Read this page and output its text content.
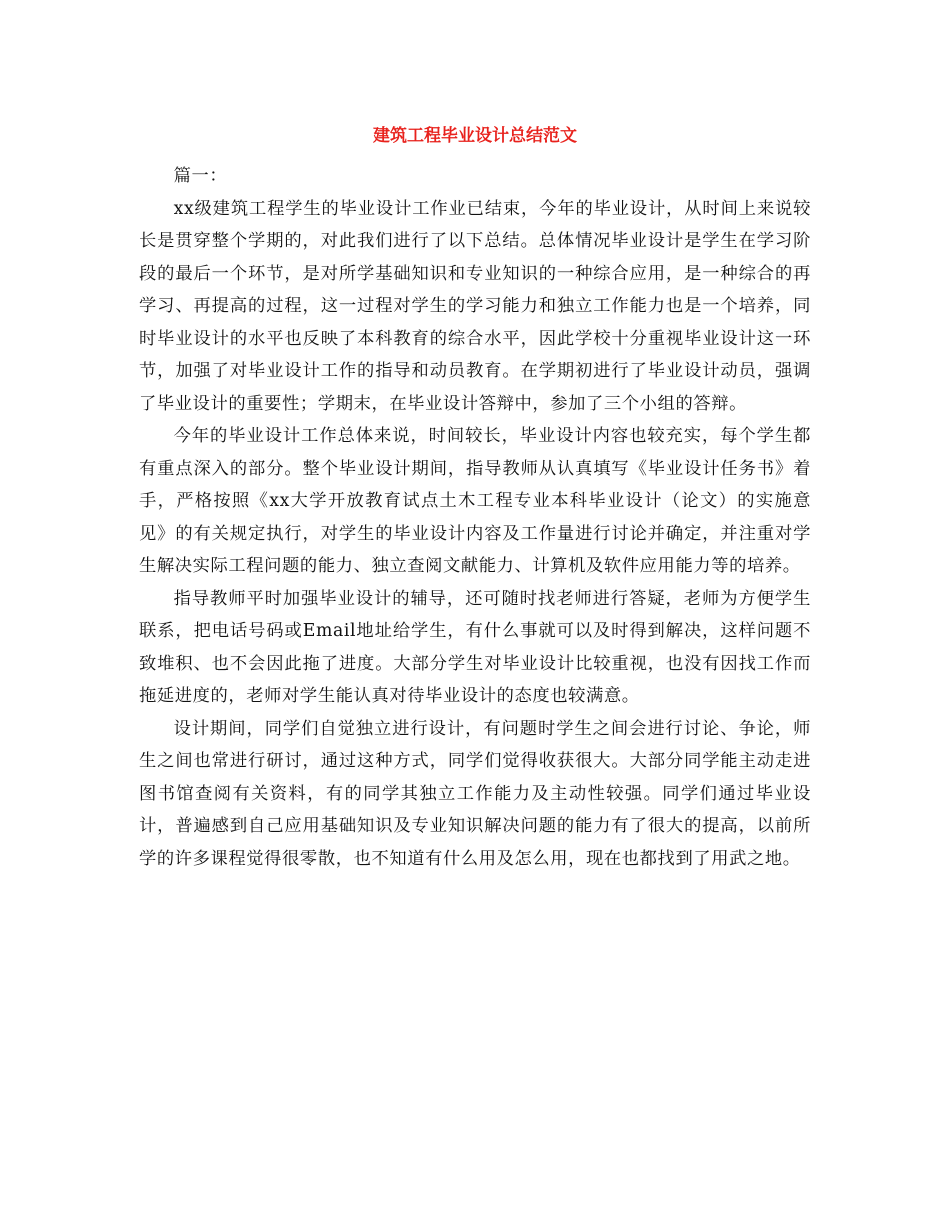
建筑工程毕业设计总结范文

篇一：

xx级建筑工程学生的毕业设计工作业已结束，今年的毕业设计，从时间上来说较长是贯穿整个学期的，对此我们进行了以下总结。总体情况毕业设计是学生在学习阶段的最后一个环节，是对所学基础知识和专业知识的一种综合应用，是一种综合的再学习、再提高的过程，这一过程对学生的学习能力和独立工作能力也是一个培养，同时毕业设计的水平也反映了本科教育的综合水平，因此学校十分重视毕业设计这一环节，加强了对毕业设计工作的指导和动员教育。在学期初进行了毕业设计动员，强调了毕业设计的重要性；学期末，在毕业设计答辩中，参加了三个小组的答辩。

今年的毕业设计工作总体来说，时间较长，毕业设计内容也较充实，每个学生都有重点深入的部分。整个毕业设计期间，指导教师从认真填写《毕业设计任务书》着手，严格按照《xx大学开放教育试点土木工程专业本科毕业设计（论文）的实施意见》的有关规定执行，对学生的毕业设计内容及工作量进行讨论并确定，并注重对学生解决实际工程问题的能力、独立查阅文献能力、计算机及软件应用能力等的培养。

指导教师平时加强毕业设计的辅导，还可随时找老师进行答疑，老师为方便学生联系，把电话号码或Email地址给学生，有什么事就可以及时得到解决，这样问题不致堆积、也不会因此拖了进度。大部分学生对毕业设计比较重视，也没有因找工作而拖延进度的，老师对学生能认真对待毕业设计的态度也较满意。

设计期间，同学们自觉独立进行设计，有问题时学生之间会进行讨论、争论，师生之间也常进行研讨，通过这种方式，同学们觉得收获很大。大部分同学能主动走进图书馆查阅有关资料，有的同学其独立工作能力及主动性较强。同学们通过毕业设计，普遍感到自己应用基础知识及专业知识解决问题的能力有了很大的提高，以前所学的许多课程觉得很零散，也不知道有什么用及怎么用，现在也都找到了用武之地。
